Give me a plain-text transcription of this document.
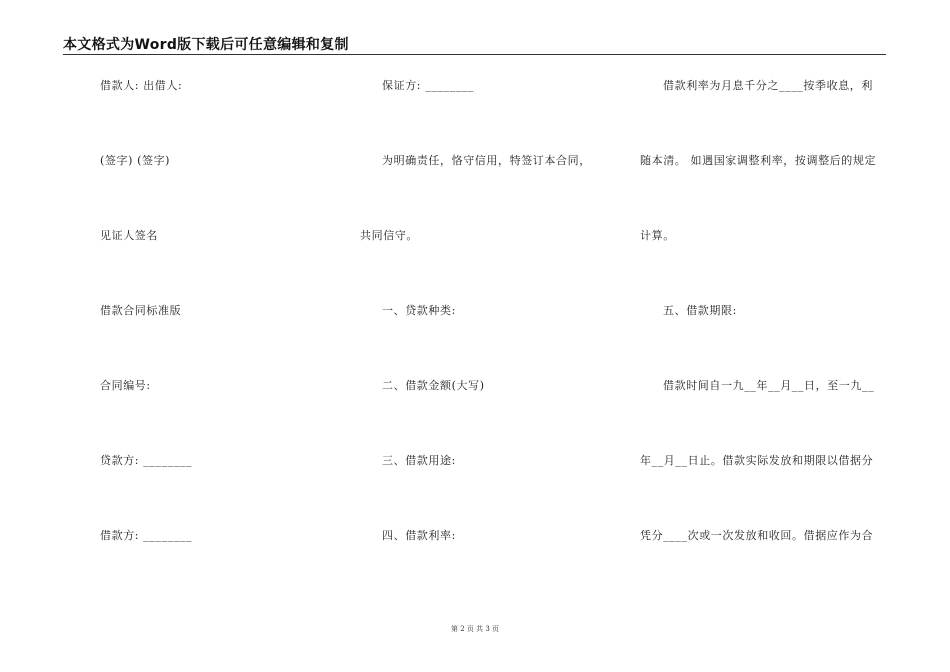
本文格式为Word版下载后可任意编辑和复制
借款人: 出借人:
(签字) (签字)
见证人签名
借款合同标准版
合同编号:
贷款方: ________
借款方: ________
保证方: ________
为明确责任，恪守信用，特签订本合同，
共同信守。
一、贷款种类:
二、借款金额(大写)
三、借款用途:
四、借款利率:
借款利率为月息千分之____按季收息，利
随本清。 如遇国家调整利率，按调整后的规定
计算。
五、借款期限:
借款时间自一九__年__月__日，至一九__
年__月__日止。借款实际发放和期限以借据分
凭分____次或一次发放和收回。借据应作为合
第 2 页 共 3 页
